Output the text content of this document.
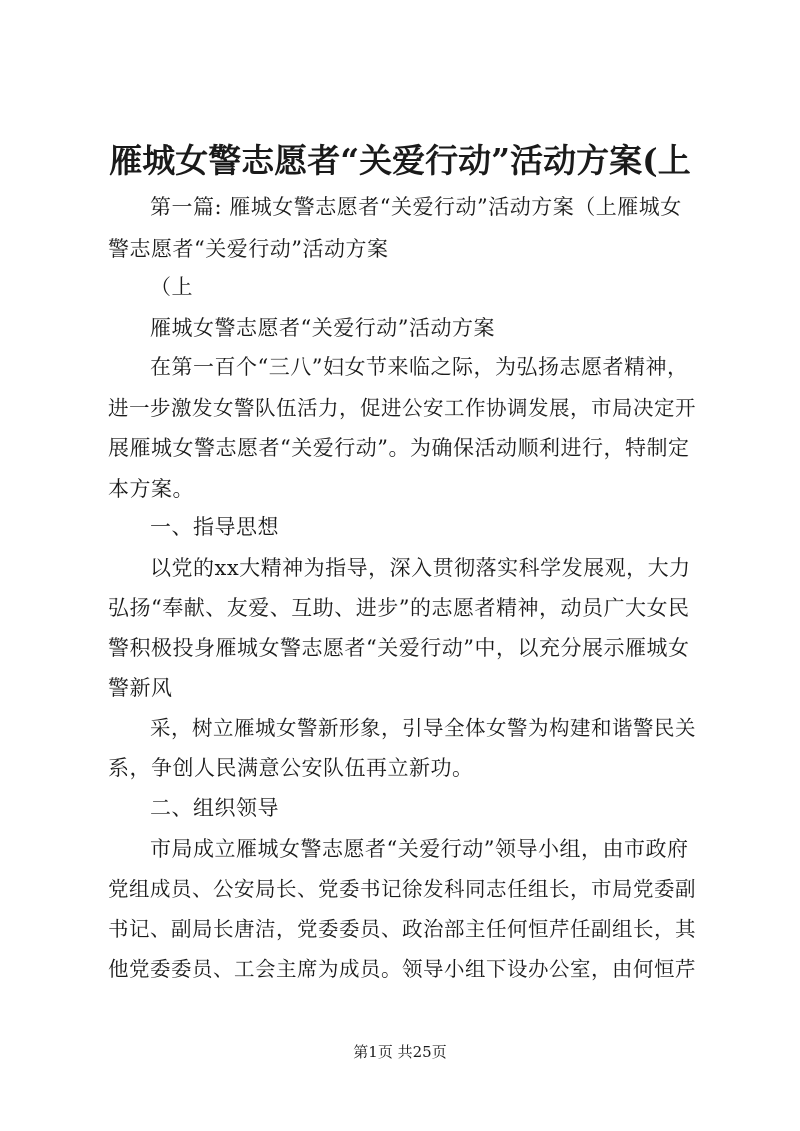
雁城女警志愿者“关爱行动”活动方案(上
第一篇: 雁城女警志愿者“关爱行动”活动方案（上雁城女
警志愿者“关爱行动”活动方案
（上
雁城女警志愿者“关爱行动”活动方案
在第一百个“三八”妇女节来临之际，为弘扬志愿者精神，
进一步激发女警队伍活力，促进公安工作协调发展，市局决定开
展雁城女警志愿者“关爱行动”。为确保活动顺利进行，特制定
本方案。
一、指导思想
以党的xx大精神为指导，深入贯彻落实科学发展观，大力
弘扬“奉献、友爱、互助、进步”的志愿者精神，动员广大女民
警积极投身雁城女警志愿者“关爱行动”中，以充分展示雁城女
警新风
采，树立雁城女警新形象，引导全体女警为构建和谐警民关
系，争创人民满意公安队伍再立新功。
二、组织领导
市局成立雁城女警志愿者“关爱行动”领导小组，由市政府
党组成员、公安局长、党委书记徐发科同志任组长，市局党委副
书记、副局长唐洁，党委委员、政治部主任何恒芹任副组长，其
他党委委员、工会主席为成员。领导小组下设办公室，由何恒芹
第1页 共25页
